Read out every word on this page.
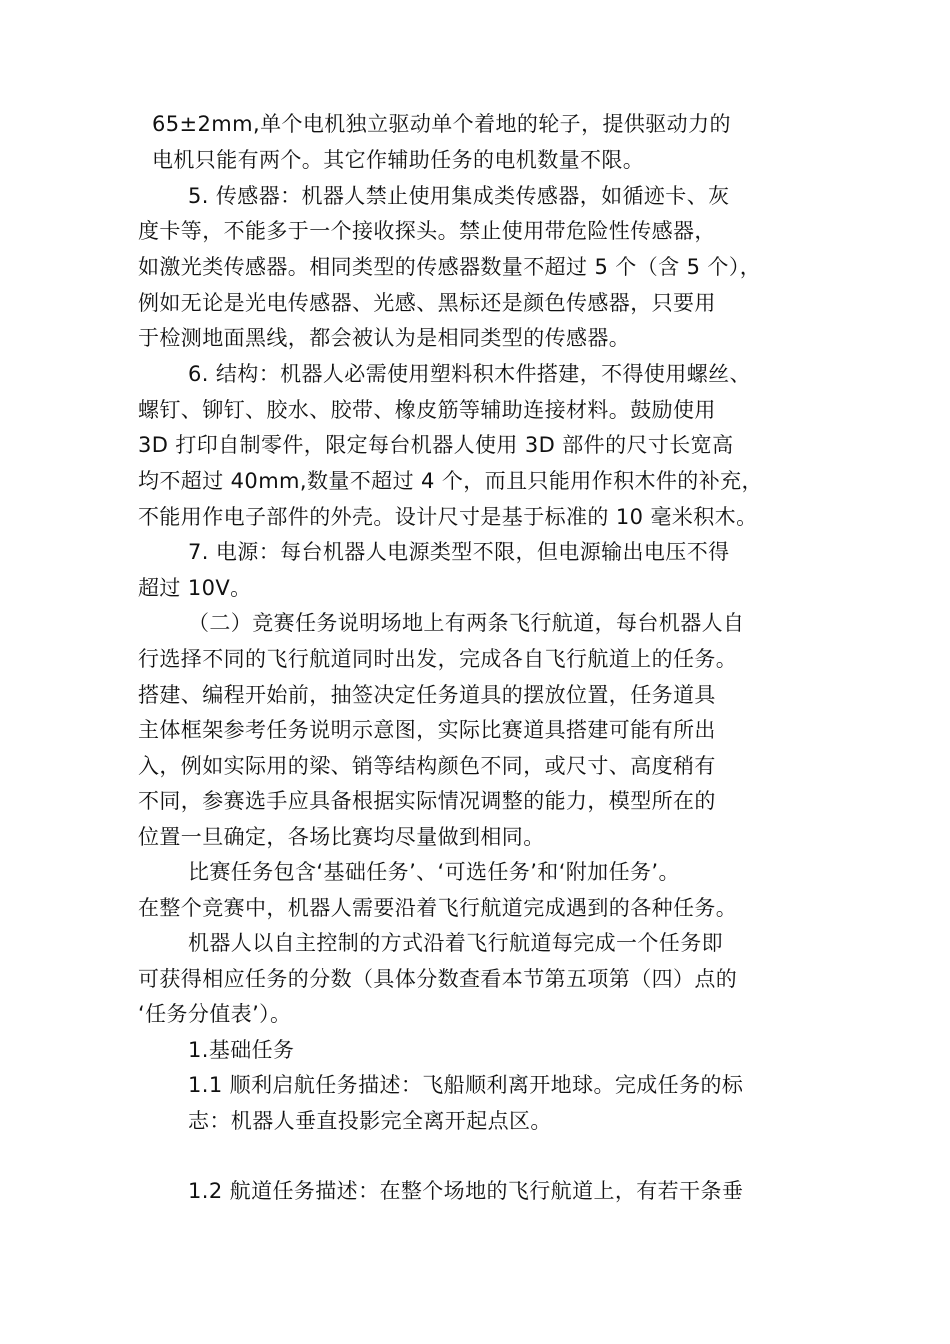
65±2mm,单个电机独立驱动单个着地的轮子，提供驱动力的
电机只能有两个。其它作辅助任务的电机数量不限。
5. 传感器：机器人禁止使用集成类传感器，如循迹卡、灰
度卡等，不能多于一个接收探头。禁止使用带危险性传感器，
如激光类传感器。相同类型的传感器数量不超过 5 个（含 5 个），
例如无论是光电传感器、光感、黑标还是颜色传感器，只要用
于检测地面黑线，都会被认为是相同类型的传感器。
6. 结构：机器人必需使用塑料积木件搭建，不得使用螺丝、
螺钉、铆钉、胶水、胶带、橡皮筋等辅助连接材料。鼓励使用
3D 打印自制零件，限定每台机器人使用 3D 部件的尺寸长宽高
均不超过 40mm,数量不超过 4 个，而且只能用作积木件的补充，
不能用作电子部件的外壳。设计尺寸是基于标准的 10 毫米积木。
7. 电源：每台机器人电源类型不限，但电源输出电压不得
超过 10V。
（二）竞赛任务说明场地上有两条飞行航道，每台机器人自
行选择不同的飞行航道同时出发，完成各自飞行航道上的任务。
搭建、编程开始前，抽签决定任务道具的摆放位置，任务道具
主体框架参考任务说明示意图，实际比赛道具搭建可能有所出
入，例如实际用的梁、销等结构颜色不同，或尺寸、高度稍有
不同，参赛选手应具备根据实际情况调整的能力，模型所在的
位置一旦确定，各场比赛均尽量做到相同。
比赛任务包含‘基础任务’、‘可选任务’和‘附加任务’。
在整个竞赛中，机器人需要沿着飞行航道完成遇到的各种任务。
机器人以自主控制的方式沿着飞行航道每完成一个任务即
可获得相应任务的分数（具体分数查看本节第五项第（四）点的
‘任务分值表’）。
1.基础任务
1.1 顺利启航任务描述：飞船顺利离开地球。完成任务的标
志：机器人垂直投影完全离开起点区。
1.2 航道任务描述：在整个场地的飞行航道上，有若干条垂
